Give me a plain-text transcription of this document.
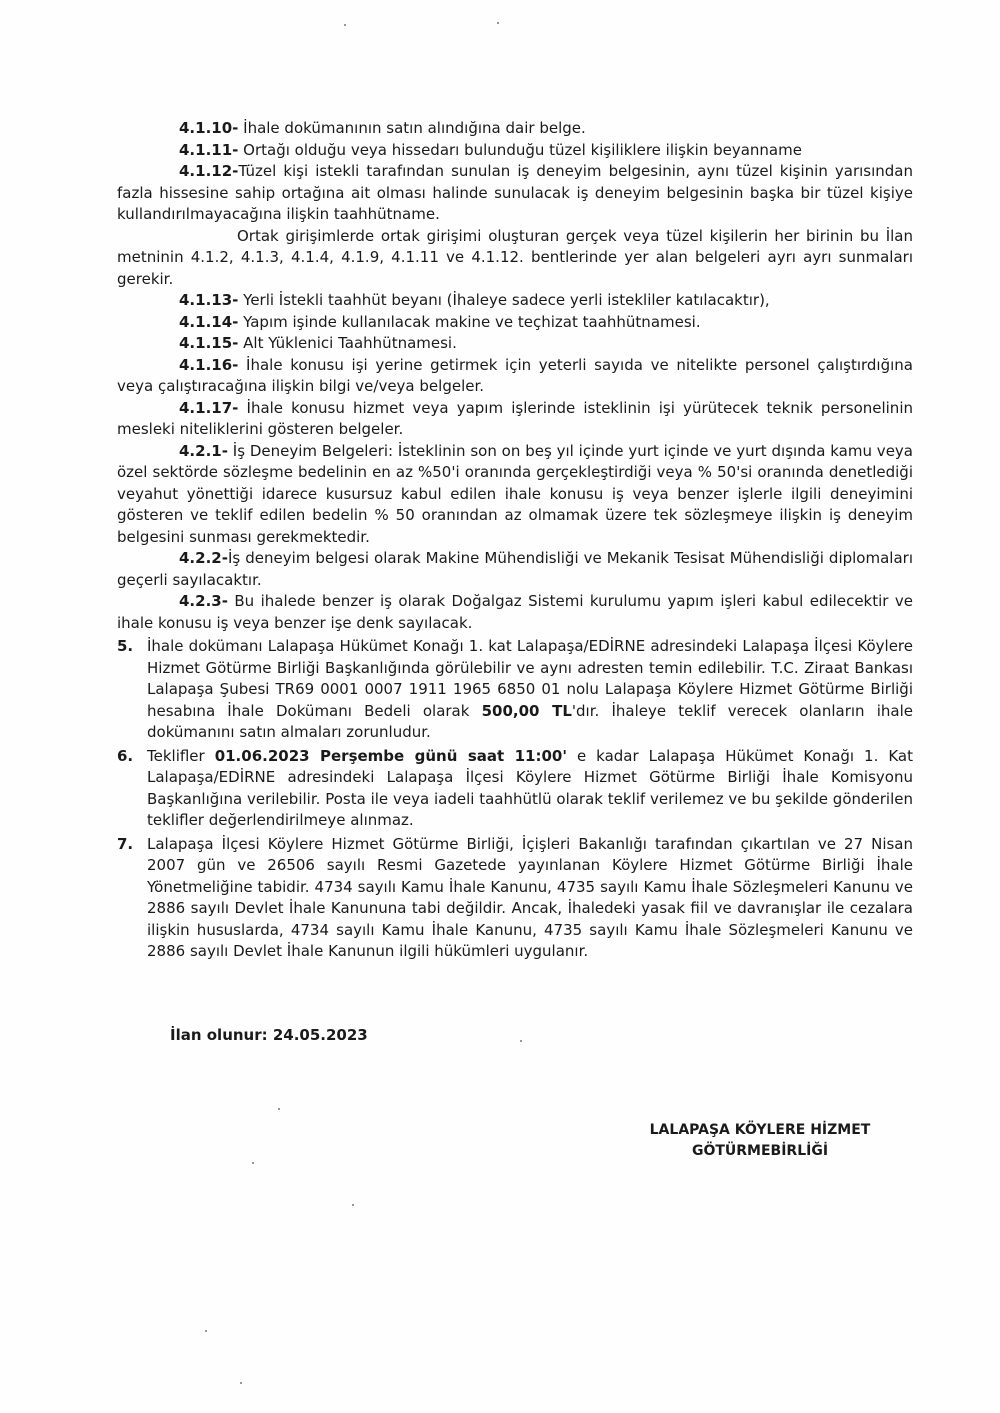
4.1.10- İhale dokümanının satın alındığına dair belge.

4.1.11- Ortağı olduğu veya hissedarı bulunduğu tüzel kişiliklere ilişkin beyanname

4.1.12-Tüzel kişi istekli tarafından sunulan iş deneyim belgesinin, aynı tüzel kişinin yarısından fazla hissesine sahip ortağına ait olması halinde sunulacak iş deneyim belgesinin başka bir tüzel kişiye kullandırılmayacağına ilişkin taahhütname.

Ortak girişimlerde ortak girişimi oluşturan gerçek veya tüzel kişilerin her birinin bu İlan metninin 4.1.2, 4.1.3, 4.1.4, 4.1.9, 4.1.11 ve 4.1.12. bentlerinde yer alan belgeleri ayrı ayrı sunmaları gerekir.

4.1.13- Yerli İstekli taahhüt beyanı (İhaleye sadece yerli istekliler katılacaktır),

4.1.14- Yapım işinde kullanılacak makine ve teçhizat taahhütnamesi.

4.1.15- Alt Yüklenici Taahhütnamesi.

4.1.16- İhale konusu işi yerine getirmek için yeterli sayıda ve nitelikte personel çalıştırdığına veya çalıştıracağına ilişkin bilgi ve/veya belgeler.

4.1.17- İhale konusu hizmet veya yapım işlerinde isteklinin işi yürütecek teknik personelinin mesleki niteliklerini gösteren belgeler.

4.2.1- İş Deneyim Belgeleri: İsteklinin son on beş yıl içinde yurt içinde ve yurt dışında kamu veya özel sektörde sözleşme bedelinin en az %50'i oranında gerçekleştirdiği veya % 50'si oranında denetlediği veyahut yönettiği idarece kusursuz kabul edilen ihale konusu iş veya benzer işlerle ilgili deneyimini gösteren ve teklif edilen bedelin % 50 oranından az olmamak üzere tek sözleşmeye ilişkin iş deneyim belgesini sunması gerekmektedir.

4.2.2-İş deneyim belgesi olarak Makine Mühendisliği ve Mekanik Tesisat Mühendisliği diplomaları geçerli sayılacaktır.

4.2.3- Bu ihalede benzer iş olarak Doğalgaz Sistemi kurulumu yapım işleri kabul edilecektir ve ihale konusu iş veya benzer işe denk sayılacak.

5. İhale dokümanı Lalapaşa Hükümet Konağı 1. kat Lalapaşa/EDİRNE adresindeki Lalapaşa İlçesi Köylere Hizmet Götürme Birliği Başkanlığında görülebilir ve aynı adresten temin edilebilir. T.C. Ziraat Bankası Lalapaşa Şubesi TR69 0001 0007 1911 1965 6850 01 nolu Lalapaşa Köylere Hizmet Götürme Birliği hesabına İhale Dokümanı Bedeli olarak 500,00 TL'dır. İhaleye teklif verecek olanların ihale dokümanını satın almaları zorunludur.
6. Teklifler 01.06.2023 Perşembe günü saat 11:00' e kadar Lalapaşa Hükümet Konağı 1. Kat Lalapaşa/EDİRNE adresindeki Lalapaşa İlçesi Köylere Hizmet Götürme Birliği İhale Komisyonu Başkanlığına verilebilir. Posta ile veya iadeli taahhütlü olarak teklif verilemez ve bu şekilde gönderilen teklifler değerlendirilmeye alınmaz.
7. Lalapaşa İlçesi Köylere Hizmet Götürme Birliği, İçişleri Bakanlığı tarafından çıkartılan ve 27 Nisan 2007 gün ve 26506 sayılı Resmi Gazetede yayınlanan Köylere Hizmet Götürme Birliği İhale Yönetmeliğine tabidir. 4734 sayılı Kamu İhale Kanunu, 4735 sayılı Kamu İhale Sözleşmeleri Kanunu ve 2886 sayılı Devlet İhale Kanununa tabi değildir. Ancak, İhaledeki yasak fiil ve davranışlar ile cezalara ilişkin hususlarda, 4734 sayılı Kamu İhale Kanunu, 4735 sayılı Kamu İhale Sözleşmeleri Kanunu ve 2886 sayılı Devlet İhale Kanunun ilgili hükümleri uygulanır.
İlan olunur: 24.05.2023
LALAPAŞA KÖYLERE HİZMET
GÖTÜRMEBİRLİĞİ
